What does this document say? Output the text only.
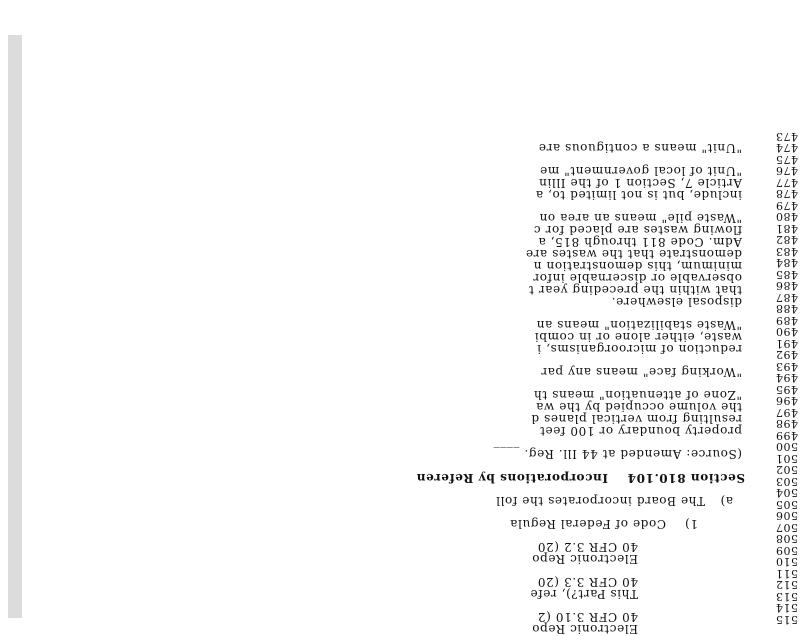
473
474
475
476
477
478
479
480
481
482
483
484
485
486
487
488
489
490
491
492
493
494
495
496
497
498
499
500
501
502
503
504
505
506
507
508
509
510
511
512
513
514
515
"Unit" means a contiguous are
"Unit of local government" me
Article 7, Section 1 of the Illin
include, but is not limited to, a
"Waste pile" means an area on
flowing wastes are placed for c
Adm. Code 811 through 815, a
demonstrate that the wastes are
minimum, this demonstration n
observable or discernable infor
that within the preceding year t
disposal elsewhere.
"Waste stabilization" means an
waste, either alone or in combi
reduction of microorganisms, i
"Working face" means any par
"Zone of attenuation" means th
the volume occupied by the wa
resulting from vertical planes d
property boundary or 100 feet
(Source: Amended at 44 Ill. Reg. ____
Section 810.104
Incorporations by Referen
a)
The Board incorporates the foll
1)
Code of Federal Regula
40 CFR 3.2 (20
Electronic Repo
40 CFR 3.3 (20
This Part?), refe
40 CFR 3.10 (2
Electronic Repo
